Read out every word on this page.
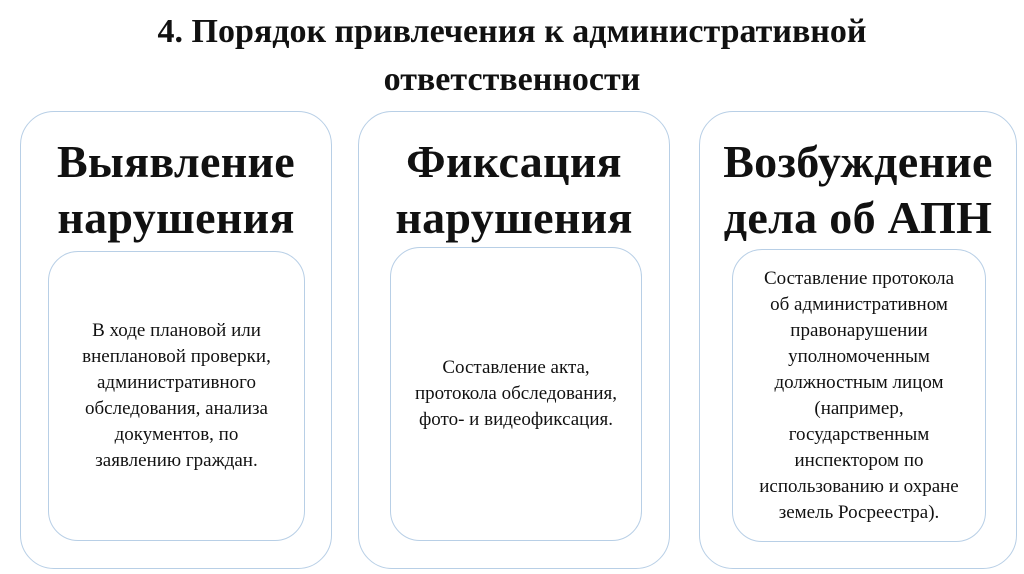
4. Порядок привлечения к административной
ответственности
Выявление
нарушения
В ходе плановой или
внеплановой проверки,
административного
обследования, анализа
документов, по
заявлению граждан.
Фиксация
нарушения
Составление акта,
протокола обследования,
фото- и видеофиксация.
Возбуждение
дела об АПН
Составление протокола
об административном
правонарушении
уполномоченным
должностным лицом
(например,
государственным
инспектором по
использованию и охране
земель Росреестра).
